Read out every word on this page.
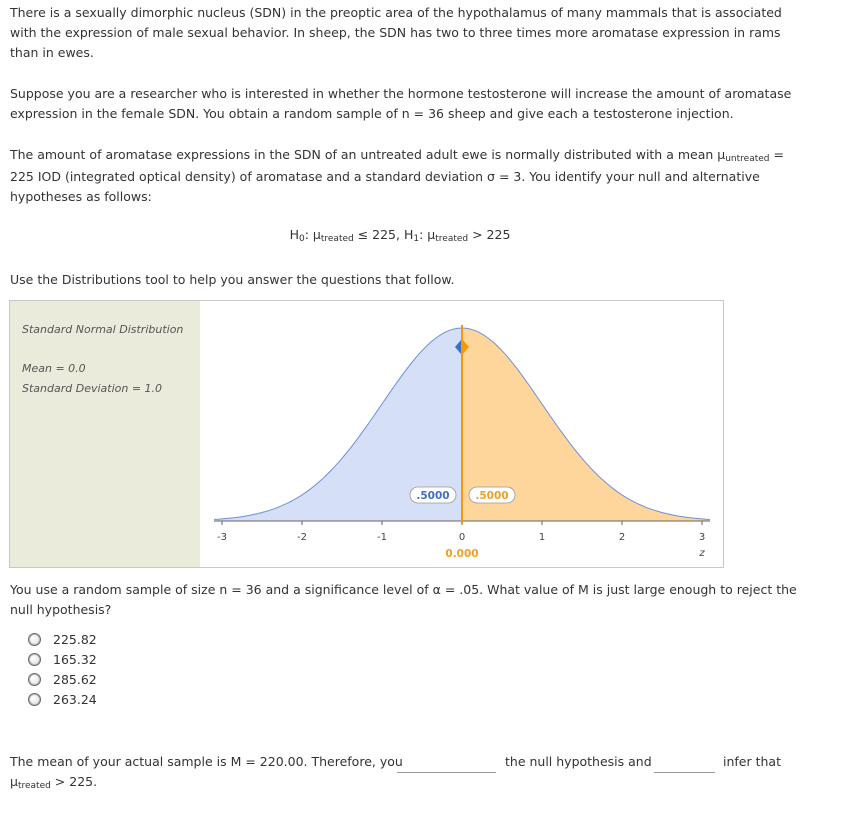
There is a sexually dimorphic nucleus (SDN) in the preoptic area of the hypothalamus of many mammals that is associated with the expression of male sexual behavior. In sheep, the SDN has two to three times more aromatase expression in rams than in ewes.
Suppose you are a researcher who is interested in whether the hormone testosterone will increase the amount of aromatase expression in the female SDN. You obtain a random sample of n = 36 sheep and give each a testosterone injection.
The amount of aromatase expressions in the SDN of an untreated adult ewe is normally distributed with a mean μuntreated = 225 IOD (integrated optical density) of aromatase and a standard deviation σ = 3. You identify your null and alternative hypotheses as follows:
H0: μtreated ≤ 225, H1: μtreated > 225
Use the Distributions tool to help you answer the questions that follow.
Standard Normal Distribution
Mean = 0.0
Standard Deviation = 1.0
-3	-2	-1	0	1	2	3
z
.5000 .5000
0.000
You use a random sample of size n = 36 and a significance level of α = .05. What value of M is just large enough to reject the null hypothesis?
225.82
165.32
285.62
263.24
The mean of your actual sample is M = 220.00. Therefore, you	the null hypothesis and	infer that
μtreated > 225.
